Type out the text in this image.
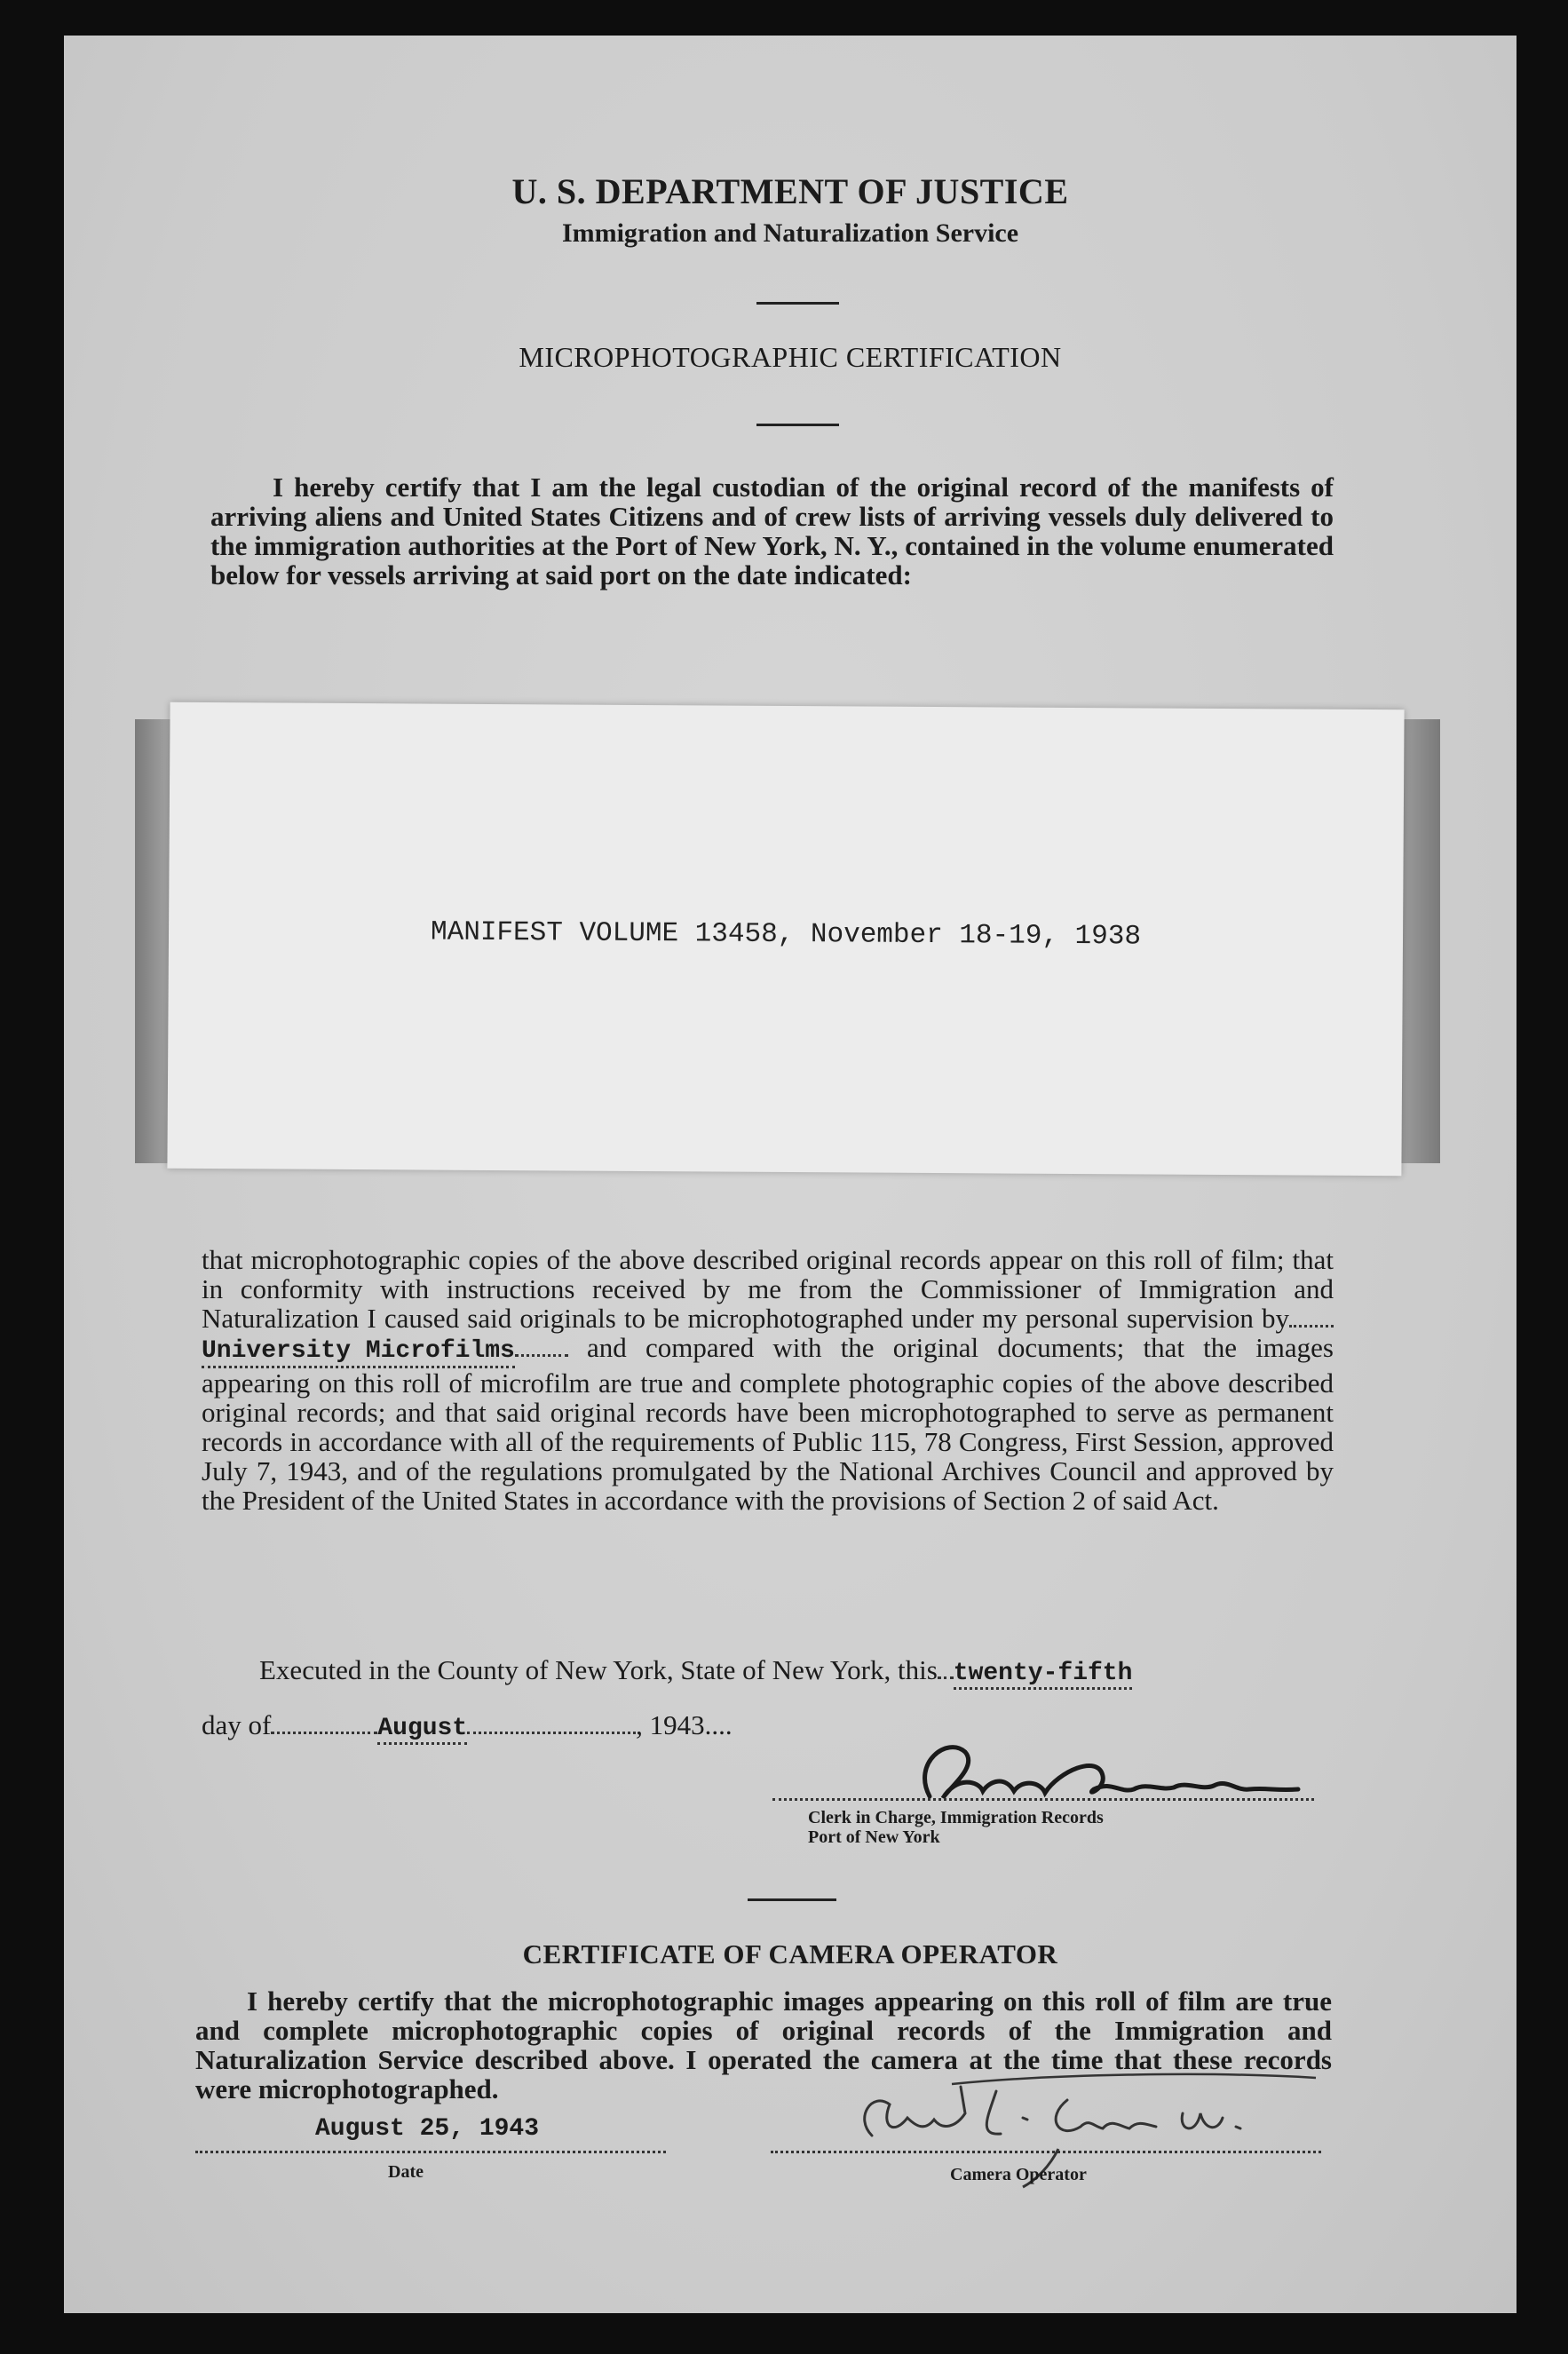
U. S. DEPARTMENT OF JUSTICE
Immigration and Naturalization Service
MICROPHOTOGRAPHIC CERTIFICATION
I hereby certify that I am the legal custodian of the original record of the manifests of arriving aliens and United States Citizens and of crew lists of arriving vessels duly delivered to the immigration authorities at the Port of New York, N. Y., contained in the volume enumerated below for vessels arriving at said port on the date indicated:
MANIFEST VOLUME 13458, November 18-19, 1938
that microphotographic copies of the above described original records appear on this roll of film; that in conformity with instructions received by me from the Commissioner of Immigration and Naturalization I caused said originals to be microphotographed under my personal supervision byUniversity Microfilms	and compared with the original documents; that the images appearing on this roll of microfilm are true and complete photographic copies of the above described original records; and that said original records have been microphotographed to serve as permanent records in accordance with all of the requirements of Public 115, 78 Congress, First Session, approved July 7, 1943, and of the regulations promulgated by the National Archives Council and approved by the President of the United States in accordance with the provisions of Section 2 of said Act.
Executed in the County of New York, State of New York, this twenty-fifth
day of	August	, 1943....
Clerk in Charge, Immigration Records
Port of New York
CERTIFICATE OF CAMERA OPERATOR
I hereby certify that the microphotographic images appearing on this roll of film are true and complete microphotographic copies of original records of the Immigration and Naturalization Service described above. I operated the camera at the time that these records were microphotographed.
August 25, 1943
Date	Camera Operator
